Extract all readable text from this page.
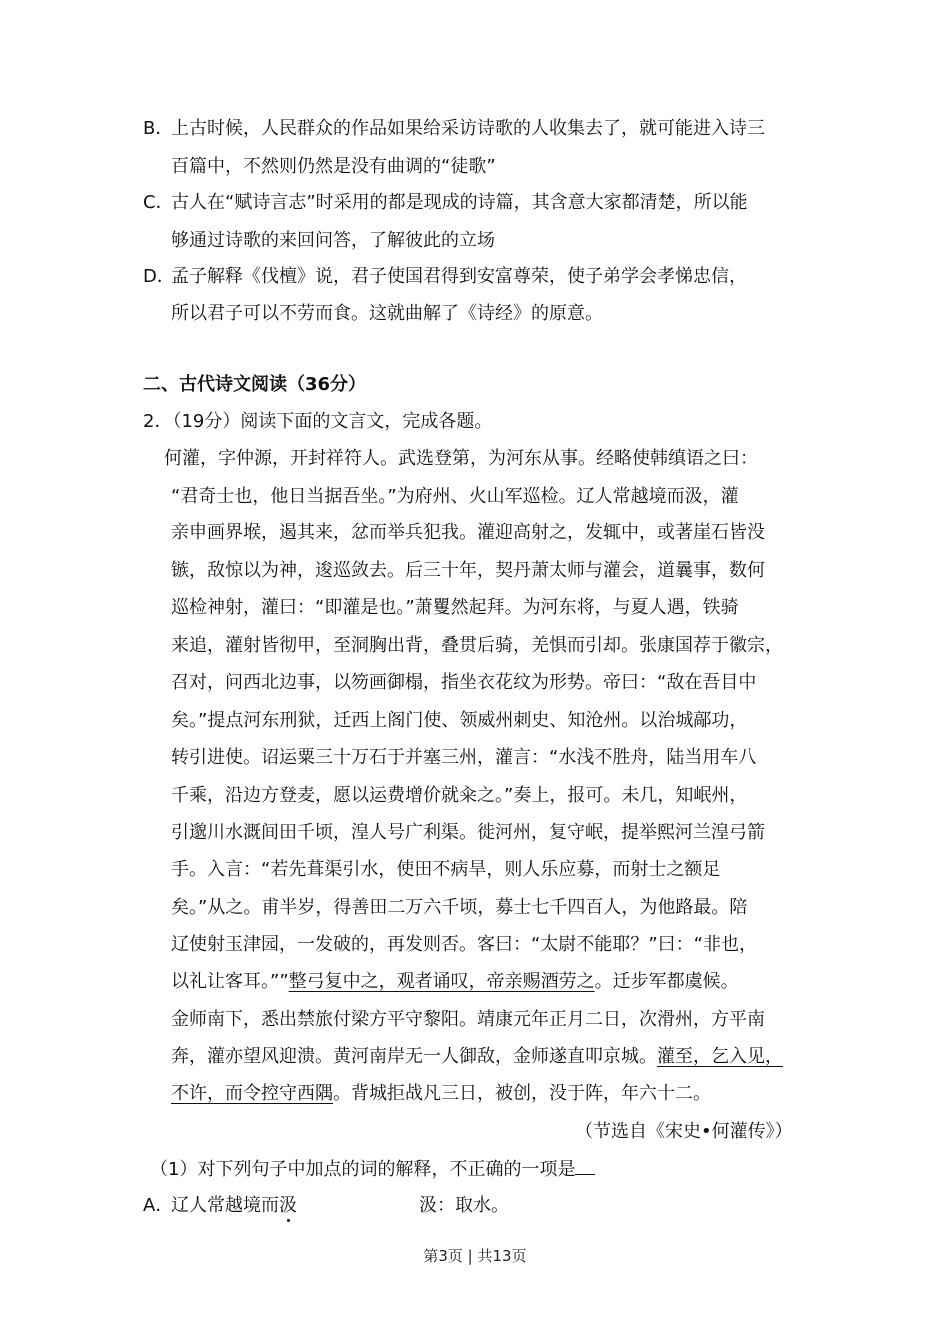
B．上古时候，人民群众的作品如果给采访诗歌的人收集去了，就可能进入诗三
百篇中，不然则仍然是没有曲调的“徒歌”
C．古人在“赋诗言志”时采用的都是现成的诗篇，其含意大家都清楚，所以能
够通过诗歌的来回问答，了解彼此的立场
D．孟子解释《伐檀》说，君子使国君得到安富尊荣，使子弟学会孝悌忠信，
所以君子可以不劳而食。这就曲解了《诗经》的原意。
二、古代诗文阅读（36分）
2．（19分）阅读下面的文言文，完成各题。
何灌，字仲源，开封祥符人。武选登第，为河东从事。经略使韩缜语之曰：
“君奇士也，他日当据吾坐。”为府州、火山军巡检。辽人常越境而汲，灌
亲申画界堠，遏其来，忿而举兵犯我。灌迎高射之，发辄中，或著崖石皆没
镞，敌惊以为神，逡巡敛去。后三十年，契丹萧太师与灌会，道曩事，数何
巡检神射，灌曰：“即灌是也。”萧矍然起拜。为河东将，与夏人遇，铁骑
来追，灌射皆彻甲，至洞胸出背，叠贯后骑，羌惧而引却。张康国荐于徽宗，
召对，问西北边事，以笏画御榻，指坐衣花纹为形势。帝曰：“敌在吾目中
矣。”提点河东刑狱，迁西上阁门使、领威州刺史、知沧州。以治城鄗功，
转引进使。诏运粟三十万石于并塞三州，灌言：“水浅不胜舟，陆当用车八
千乘，沿边方登麦，愿以运费增价就籴之。”奏上，报可。未几，知岷州，
引邈川水溉间田千顷，湟人号广利渠。徙河州，复守岷，提举熙河兰湟弓箭
手。入言：“若先葺渠引水，使田不病旱，则人乐应募，而射士之额足
矣。”从之。甫半岁，得善田二万六千顷，募士七千四百人，为他路最。陪
辽使射玉津园，一发破的，再发则否。客曰：“太尉不能耶？”曰：“非也，
以礼让客耳。””整弓复中之，观者诵叹，帝亲赐酒劳之。迁步军都虞候。
金师南下，悉出禁旅付梁方平守黎阳。靖康元年正月二日，次滑州，方平南
奔，灌亦望风迎溃。黄河南岸无一人御敌，金师遂直叩京城。灌至，乞入见，
不许，而令控守西隅。背城拒战凡三日，被创，没于阵，年六十二。
（节选自《宋史•何灌传》）
（1）对下列句子中加点的词的解释，不正确的一项是
A．辽人常越境而汲	汲：取水。
第3页 | 共13页
